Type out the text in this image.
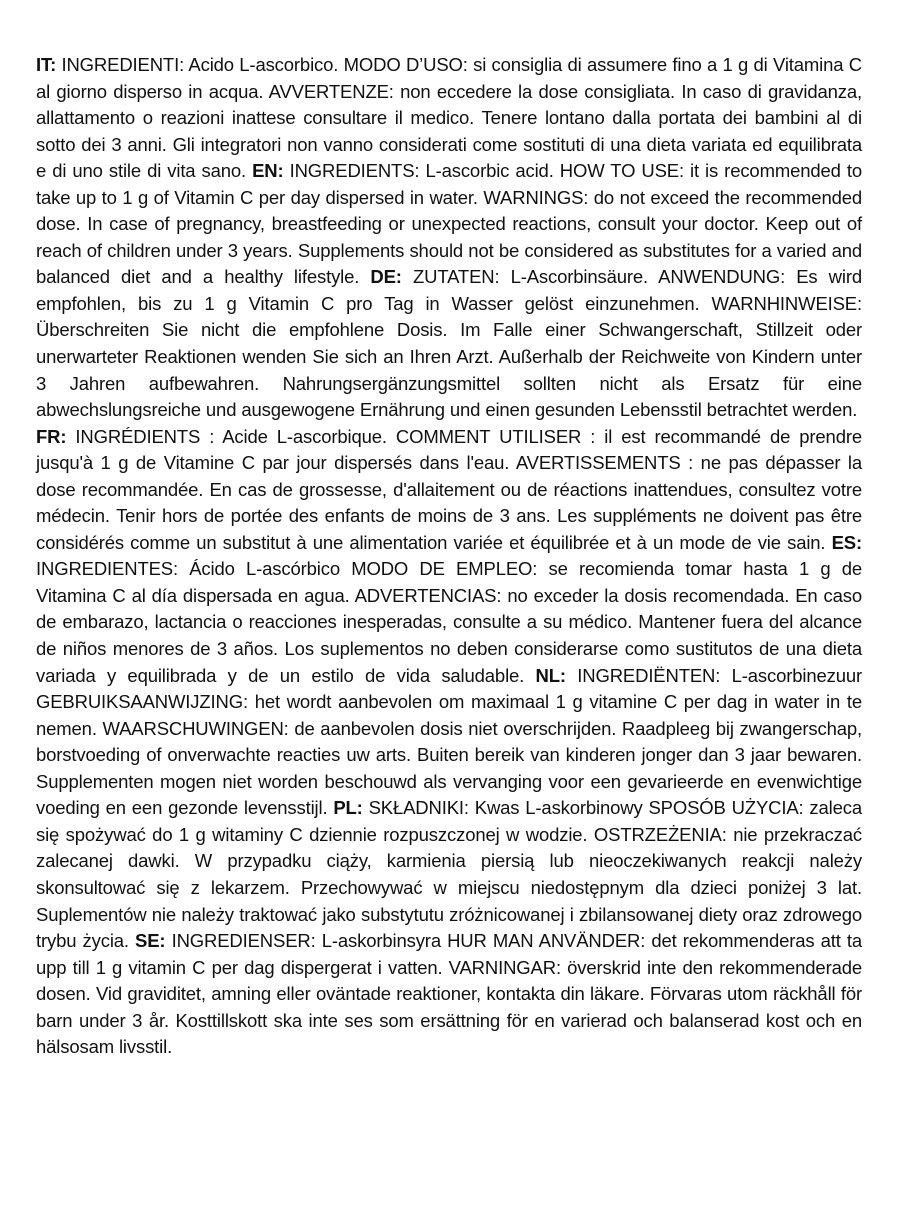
IT: INGREDIENTI: Acido L-ascorbico. MODO D’USO: si consiglia di assumere fino a 1 g di Vitamina C al giorno disperso in acqua. AVVERTENZE: non eccedere la dose consigliata. In caso di gravidanza, allattamento o reazioni inattese consultare il medico. Tenere lontano dalla portata dei bambini al di sotto dei 3 anni. Gli integratori non vanno considerati come sostituti di una dieta variata ed equilibrata e di uno stile di vita sano. EN: INGREDIENTS: L-ascorbic acid. HOW TO USE: it is recommended to take up to 1 g of Vitamin C per day dispersed in water. WARNINGS: do not exceed the recommended dose. In case of pregnancy, breastfeeding or unexpected reactions, consult your doctor. Keep out of reach of children under 3 years. Supplements should not be considered as substitutes for a varied and balanced diet and a healthy lifestyle. DE: ZUTATEN: L-Ascorbinsäure. ANWENDUNG: Es wird empfohlen, bis zu 1 g Vitamin C pro Tag in Wasser gelöst einzunehmen. WARNHINWEISE: Überschreiten Sie nicht die empfohlene Dosis. Im Falle einer Schwangerschaft, Stillzeit oder unerwarteter Reaktionen wenden Sie sich an Ihren Arzt. Außerhalb der Reichweite von Kindern unter 3 Jahren aufbewahren. Nahrungsergänzungsmittel sollten nicht als Ersatz für eine abwechslungsreiche und ausgewogene Ernährung und einen gesunden Lebensstil betrachtet werden.

FR: INGRÉDIENTS : Acide L-ascorbique. COMMENT UTILISER : il est recommandé de prendre jusqu'à 1 g de Vitamine C par jour dispersés dans l'eau. AVERTISSEMENTS : ne pas dépasser la dose recommandée. En cas de grossesse, d'allaitement ou de réactions inattendues, consultez votre médecin. Tenir hors de portée des enfants de moins de 3 ans. Les suppléments ne doivent pas être considérés comme un substitut à une alimentation variée et équilibrée et à un mode de vie sain. ES: INGREDIENTES: Ácido L-ascórbico MODO DE EMPLEO: se recomienda tomar hasta 1 g de Vitamina C al día dispersada en agua. ADVERTENCIAS: no exceder la dosis recomendada. En caso de embarazo, lactancia o reacciones inesperadas, consulte a su médico. Mantener fuera del alcance de niños menores de 3 años. Los suplementos no deben considerarse como sustitutos de una dieta variada y equilibrada y de un estilo de vida saludable. NL: INGREDIËNTEN: L-ascorbinezuur GEBRUIKSAANWIJZING: het wordt aanbevolen om maximaal 1 g vitamine C per dag in water in te nemen. WAARSCHUWINGEN: de aanbevolen dosis niet overschrijden. Raadpleeg bij zwangerschap, borstvoeding of onverwachte reacties uw arts. Buiten bereik van kinderen jonger dan 3 jaar bewaren. Supplementen mogen niet worden beschouwd als vervanging voor een gevarieerde en evenwichtige voeding en een gezonde levensstijl. PL: SKŁADNIKI: Kwas L-askorbinowy SPOSÓB UŻYCIA: zaleca się spożywać do 1 g witaminy C dziennie rozpuszczonej w wodzie. OSTRZEŻENIA: nie przekraczać zalecanej dawki. W przypadku ciąży, karmienia piersią lub nieoczekiwanych reakcji należy skonsultować się z lekarzem. Przechowywać w miejscu niedostępnym dla dzieci poniżej 3 lat. Suplementów nie należy traktować jako substytutu zróżnicowanej i zbilansowanej diety oraz zdrowego trybu życia. SE: INGREDIENSER: L-askorbinsyra HUR MAN ANVÄNDER: det rekommenderas att ta upp till 1 g vitamin C per dag dispergerat i vatten. VARNINGAR: överskrid inte den rekommenderade dosen. Vid graviditet, amning eller oväntade reaktioner, kontakta din läkare. Förvaras utom räckhåll för barn under 3 år. Kosttillskott ska inte ses som ersättning för en varierad och balanserad kost och en hälsosam livsstil.
